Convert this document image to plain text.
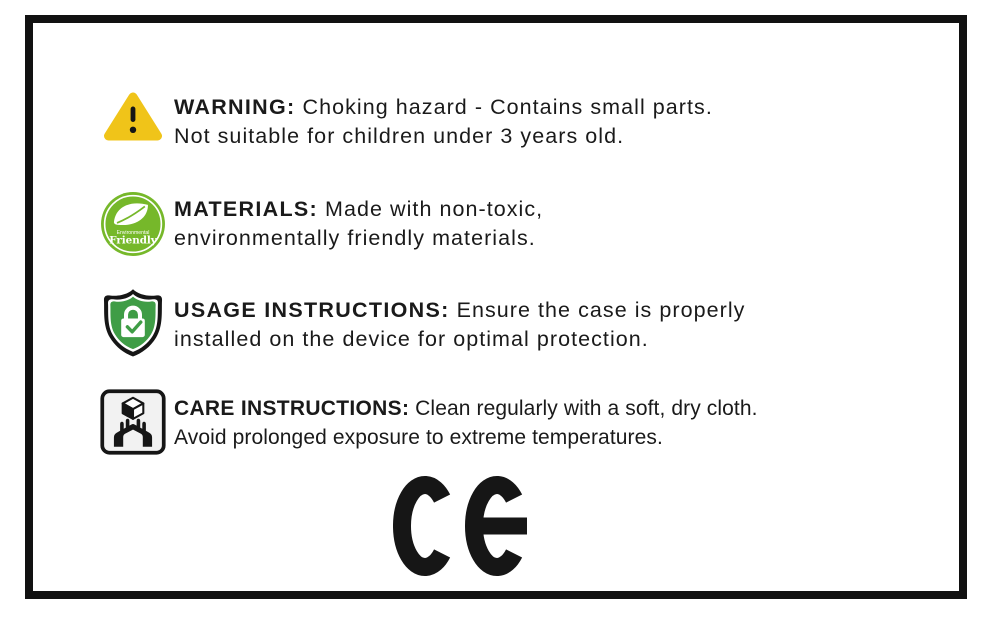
WARNING: Choking hazard - Contains small parts.

Not suitable for children under 3 years old.

Environmental
Friendly

MATERIALS: Made with non-toxic,

environmentally friendly materials.

USAGE INSTRUCTIONS: Ensure the case is properly

installed on the device for optimal protection.

CARE INSTRUCTIONS: Clean regularly with a soft, dry cloth.

Avoid prolonged exposure to extreme temperatures.
